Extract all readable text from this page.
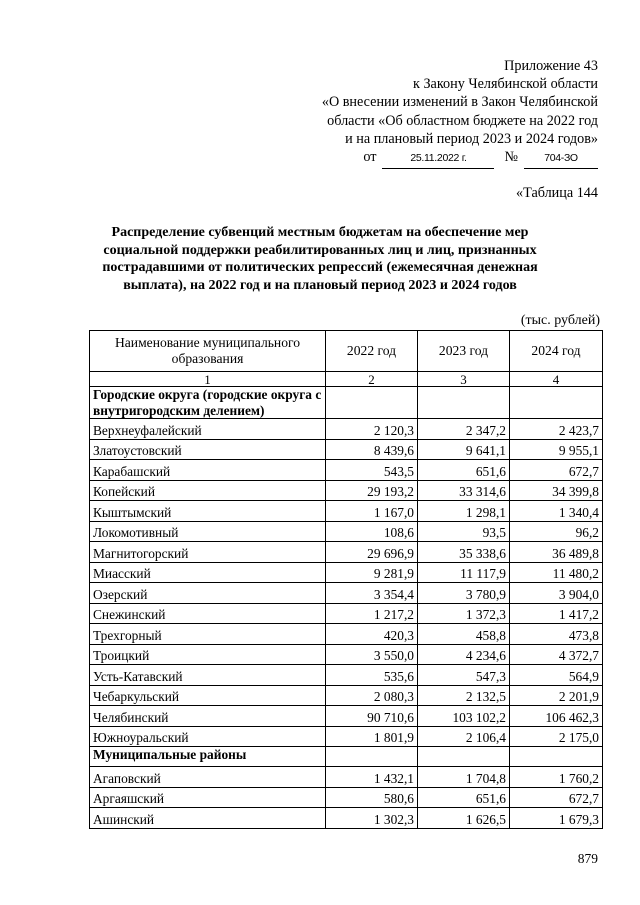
Приложение 43
к Закону Челябинской области
«О внесении изменений в Закон Челябинской
области «Об областном бюджете на 2022 год
и на плановый период 2023 и 2024 годов»
от	25.11.2022 г.	№	704-ЗО
«Таблица 144
Распределение субвенций местным бюджетам на обеспечение мер социальной поддержки реабилитированных лиц и лиц, признанных пострадавшими от политических репрессий (ежемесячная денежная выплата), на 2022 год и на плановый период 2023 и 2024 годов
(тыс. рублей)
Наименование муниципального образования	2022 год	2023 год	2024 год
1	2	3	4
Городские округа (городские округа с внутригородским делением)			
Верхнеуфалейский	2 120,3	2 347,2	2 423,7
Златоустовский	8 439,6	9 641,1	9 955,1
Карабашский	543,5	651,6	672,7
Копейский	29 193,2	33 314,6	34 399,8
Кыштымский	1 167,0	1 298,1	1 340,4
Локомотивный	108,6	93,5	96,2
Магнитогорский	29 696,9	35 338,6	36 489,8
Миасский	9 281,9	11 117,9	11 480,2
Озерский	3 354,4	3 780,9	3 904,0
Снежинский	1 217,2	1 372,3	1 417,2
Трехгорный	420,3	458,8	473,8
Троицкий	3 550,0	4 234,6	4 372,7
Усть-Катавский	535,6	547,3	564,9
Чебаркульский	2 080,3	2 132,5	2 201,9
Челябинский	90 710,6	103 102,2	106 462,3
Южноуральский	1 801,9	2 106,4	2 175,0
Муниципальные районы			
Агаповский	1 432,1	1 704,8	1 760,2
Аргаяшский	580,6	651,6	672,7
Ашинский	1 302,3	1 626,5	1 679,3
879
